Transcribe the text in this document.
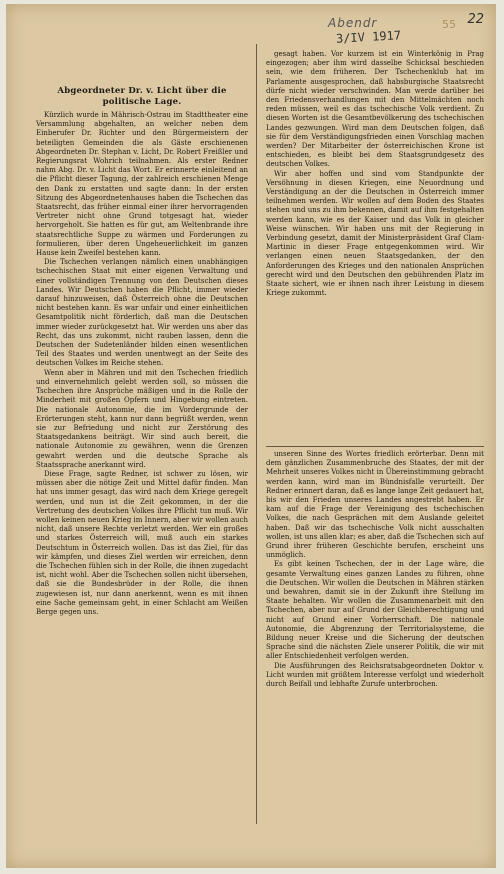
Abendr
3/IV 1917
22
55
Abgeordneter Dr. v. Licht über die politische Lage.

Kürzlich wurde in Mährisch-Ostrau im Stadttheater eine Versammlung abgehalten, an welcher neben dem Einberufer Dr. Richter und den Bürgermeistern der beteiligten Gemeinden die als Gäste erschienenen Abgeordneten Dr. Stephan v. Licht, Dr. Robert Freißler und Regierungsrat Wohrich teilnahmen. Als erster Redner nahm Abg. Dr. v. Licht das Wort. Er erinnerte einleitend an die Pflicht dieser Tagung, der zahlreich erschienen Menge den Dank zu erstatten und sagte dann: In der ersten Sitzung des Abgeordnetenhauses haben die Tschechen das Staatsrecht, das früher einmal einer ihrer hervorragenden Vertreter nicht ohne Grund totgesagt hat, wieder hervorgeholt. Sie hatten es für gut, am Weltenbrande ihre staatsrechtliche Suppe zu wärmen und Forderungen zu formulieren, über deren Ungeheuerlichkeit im ganzen Hause kein Zweifel bestehen kann.

Die Tschechen verlangen nämlich einen unabhängigen tschechischen Staat mit einer eigenen Verwaltung und einer vollständigen Trennung von den Deutschen dieses Landes. Wir Deutschen haben die Pflicht, immer wieder darauf hinzuweisen, daß Österreich ohne die Deutschen nicht bestehen kann. Es war unfair und einer einheitlichen Gesamtpolitik nicht förderlich, daß man die Deutschen immer wieder zurückgesetzt hat. Wir werden uns aber das Recht, das uns zukommt, nicht rauben lassen, denn die Deutschen der Sudetenländer bilden einen wesentlichen Teil des Staates und werden unentwegt an der Seite des deutschen Volkes im Reiche stehen.

Wenn aber in Mähren und mit den Tschechen friedlich und einvernehmlich gelebt werden soll, so müssen die Tschechen ihre Ansprüche mäßigen und in die Rolle der Minderheit mit großen Opfern und Hingebung eintreten. Die nationale Autonomie, die im Vordergrunde der Erörterungen steht, kann nur dann begrüßt werden, wenn sie zur Befriedung und nicht zur Zerstörung des Staatsgedankens beiträgt. Wir sind auch bereit, die nationale Autonomie zu gewähren, wenn die Grenzen gewahrt werden und die deutsche Sprache als Staatssprache anerkannt wird.

Diese Frage, sagte Redner, ist schwer zu lösen, wir müssen aber die nötige Zeit und Mittel dafür finden. Man hat uns immer gesagt, das wird nach dem Kriege geregelt werden, und nun ist die Zeit gekommen, in der die Vertretung des deutschen Volkes ihre Pflicht tun muß. Wir wollen keinen neuen Krieg im Innern, aber wir wollen auch nicht, daß unsere Rechte verletzt werden. Wer ein großes und starkes Österreich will, muß auch ein starkes Deutschtum in Österreich wollen. Das ist das Ziel, für das wir kämpfen, und dieses Ziel werden wir erreichen, denn die Tschechen fühlen sich in der Rolle, die ihnen zugedacht ist, nicht wohl. Aber die Tschechen sollen nicht übersehen, daß sie die Bundesbrüder in der Rolle, die ihnen zugewiesen ist, nur dann anerkennt, wenn es mit ihnen eine Sache gemeinsam geht, in einer Schlacht am Weißen Berge gegen uns.

gesagt haben. Vor kurzem ist ein Winterkönig in Prag eingezogen; aber ihm wird dasselbe Schicksal beschieden sein, wie dem früheren. Der Tschechenklub hat im Parlamente ausgesprochen, daß habsburgische Staatsrecht dürfe nicht wieder verschwinden. Man werde darüber bei den Friedensverhandlungen mit den Mittelmächten noch reden müssen, weil es das tschechische Volk verdient. Zu diesen Worten ist die Gesamtbevölkerung des tschechischen Landes gezwungen. Wird man dem Deutschen folgen, daß sie für dem Verständigungsfrieden einen Vorschlag machen werden? Der Mitarbeiter der österreichischen Krone ist entschieden, es bleibt bei dem Staatsgrundgesetz des deutschen Volkes.

Wir aber hoffen und sind vom Standpunkte der Versöhnung in diesen Kriegen, eine Neuordnung und Verständigung an der die Deutschen in Österreich immer teilnehmen werden. Wir wollen auf dem Boden des Staates stehen und uns zu ihm bekennen, damit auf ihm festgehalten werden kann, wie es der Kaiser und das Volk in gleicher Weise wünschen. Wir haben uns mit der Regierung in Verbindung gesetzt, damit der Ministerpräsident Graf Clam-Martinic in dieser Frage entgegenkommen wird. Wir verlangen einen neuen Staatsgedanken, der den Anforderungen des Krieges und den nationalen Ansprüchen gerecht wird und den Deutschen den gebührenden Platz im Staate sichert, wie er ihnen nach ihrer Leistung in diesem Kriege zukommt.

unseren Sinne des Wortes friedlich erörterbar. Denn mit dem gänzlichen Zusammenbruche des Staates, der mit der Mehrheit unseres Volkes nicht in Übereinstimmung gebracht werden kann, wird man im Bündnisfalle verurteilt. Der Redner erinnert daran, daß es lange lange Zeit gedauert hat, bis wir den Frieden unseres Landes angestrebt haben. Er kam auf die Frage der Vereinigung des tschechischen Volkes, die nach Gesprächen mit dem Auslande geleitet haben. Daß wir das tschechische Volk nicht ausschalten wollen, ist uns allen klar; es aber, daß die Tschechen sich auf Grund ihrer früheren Geschichte berufen, erscheint uns unmöglich.

Es gibt keinen Tschechen, der in der Lage wäre, die gesamte Verwaltung eines ganzen Landes zu führen, ohne die Deutschen. Wir wollen die Deutschen in Mähren stärken und bewahren, damit sie in der Zukunft ihre Stellung im Staate behalten. Wir wollen die Zusammenarbeit mit den Tschechen, aber nur auf Grund der Gleichberechtigung und nicht auf Grund einer Vorherrschaft. Die nationale Autonomie, die Abgrenzung der Territorialsysteme, die Bildung neuer Kreise und die Sicherung der deutschen Sprache sind die nächsten Ziele unserer Politik, die wir mit aller Entschiedenheit verfolgen werden.

Die Ausführungen des Reichsratsabgeordneten Doktor v. Licht wurden mit größtem Interesse verfolgt und wiederholt durch Beifall und lebhafte Zurufe unterbrochen.
